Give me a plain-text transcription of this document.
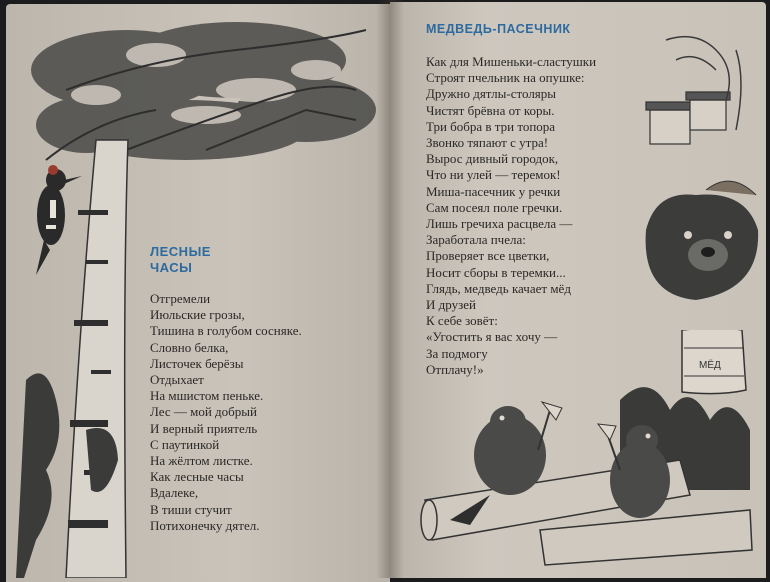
ЛЕСНЫЕ
ЧАСЫ
Отгремели
Июльские грозы,
Тишина в голубом сосняке.
Словно белка,
Листочек берёзы
Отдыхает
На мшистом пеньке.
Лес — мой добрый
И верный приятель
С паутинкой
На жёлтом листке.
Как лесные часы
Вдалеке,
В тиши стучит
Потихонечку дятел.
МЕДВЕДЬ-ПАСЕЧНИК
Как для Мишеньки-сластушки
Строят пчельник на опушке:
Дружно дятлы-столяры
Чистят брёвна от коры.
Три бобра в три топора
Звонко тяпают с утра!
Вырос дивный городок,
Что ни улей — теремок!
Миша-пасечник у речки
Сам посеял поле гречки.
Лишь гречиха расцвела —
Заработала пчела:
Проверяет все цветки,
Носит сборы в теремки...
Глядь, медведь качает мёд
И друзей
К себе зовёт:
«Угостить я вас хочу —
За подмогу
Отплачу!»	МЁД
